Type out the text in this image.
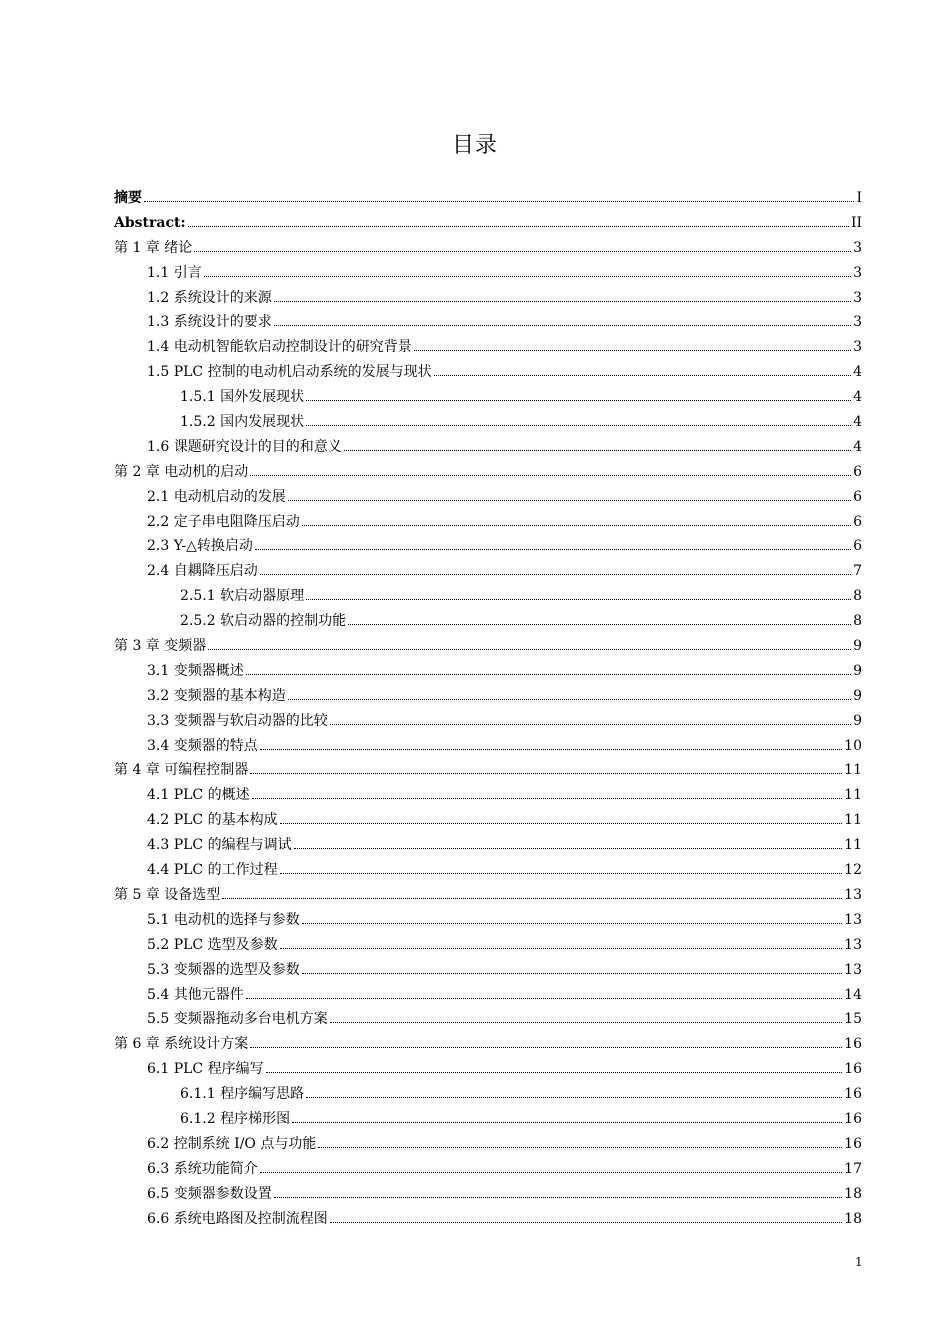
目录
摘要	I
Abstract:	II
第 1 章 绪论	3
1.1 引言	3
1.2 系统设计的来源	3
1.3 系统设计的要求	3
1.4 电动机智能软启动控制设计的研究背景	3
1.5 PLC 控制的电动机启动系统的发展与现状	4
1.5.1 国外发展现状	4
1.5.2 国内发展现状	4
1.6 课题研究设计的目的和意义	4
第 2 章 电动机的启动	6
2.1 电动机启动的发展	6
2.2 定子串电阻降压启动	6
2.3 Y-△转换启动	6
2.4 自耦降压启动	7
2.5.1 软启动器原理	8
2.5.2 软启动器的控制功能	8
第 3 章 变频器	9
3.1 变频器概述	9
3.2 变频器的基本构造	9
3.3 变频器与软启动器的比较	9
3.4 变频器的特点	10
第 4 章 可编程控制器	11
4.1 PLC 的概述	11
4.2 PLC 的基本构成	11
4.3 PLC 的编程与调试	11
4.4 PLC 的工作过程	12
第 5 章 设备选型	13
5.1 电动机的选择与参数	13
5.2 PLC 选型及参数	13
5.3 变频器的选型及参数	13
5.4 其他元器件	14
5.5 变频器拖动多台电机方案	15
第 6 章 系统设计方案	16
6.1 PLC 程序编写	16
6.1.1 程序编写思路	16
6.1.2 程序梯形图	16
6.2 控制系统 I/O 点与功能	16
6.3 系统功能简介	17
6.5 变频器参数设置	18
6.6 系统电路图及控制流程图	18
1
